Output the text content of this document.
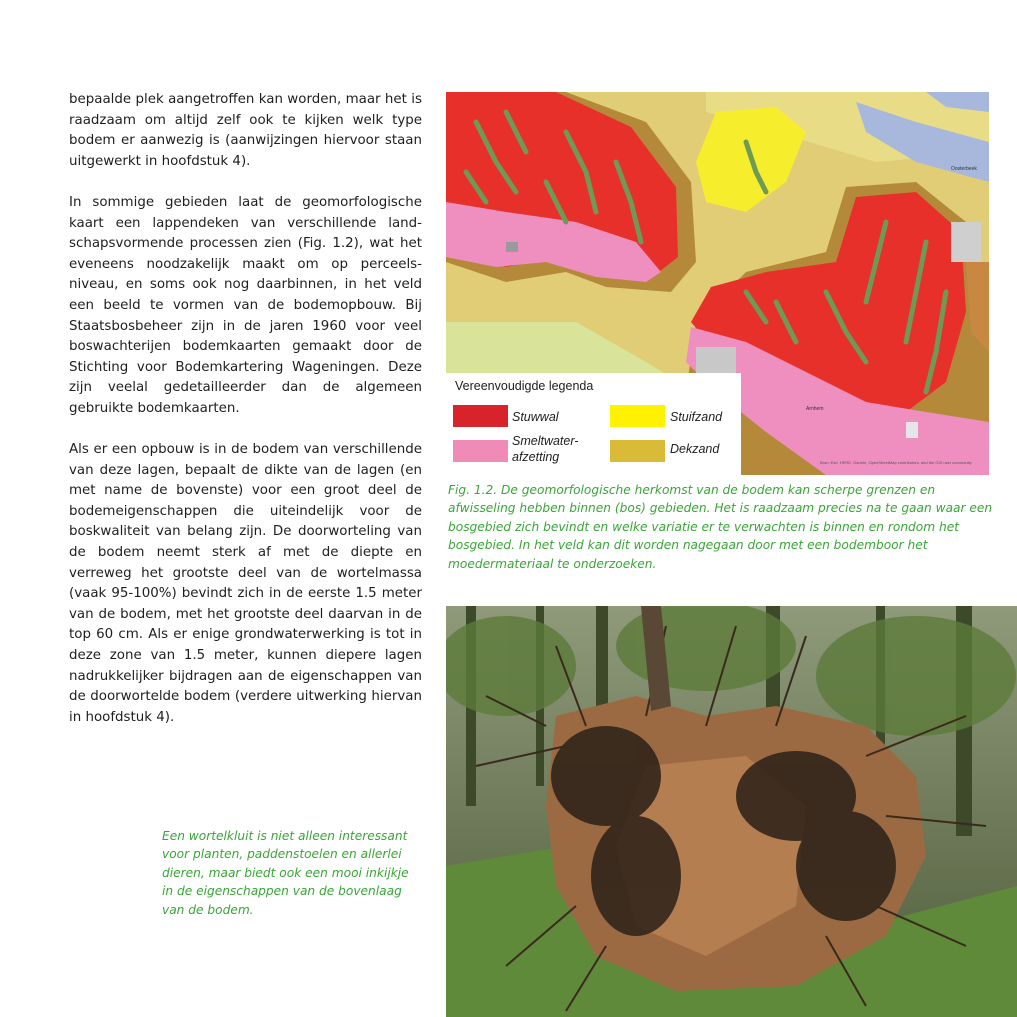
bepaalde plek aangetroffen kan worden, maar het is raadzaam om altijd zelf ook te kijken welk type bodem er aanwezig is (aanwijzingen hiervoor staan uitgewerkt in hoofdstuk 4).

In sommige gebieden laat de geomorfologische kaart een lappendeken van verschillende landschapsvormende processen zien (Fig. 1.2), wat het eveneens noodzakelijk maakt om op perceelsniveau, en soms ook nog daarbinnen, in het veld een beeld te vormen van de bodemopbouw. Bij Staatsbosbeheer zijn in de jaren 1960 voor veel boswachterijen bodemkaarten gemaakt door de Stichting voor Bodemkartering Wageningen. Deze zijn veelal gedetailleerder dan de algemeen gebruikte bodemkaarten.

Als er een opbouw is in de bodem van verschillende van deze lagen, bepaalt de dikte van de lagen (en met name de bovenste) voor een groot deel de bodemeigenschappen die uiteindelijk voor de boskwaliteit van belang zijn. De doorworteling van de bodem neemt sterk af met de diepte en verreweg het grootste deel van de wortelmassa (vaak 95-100%) bevindt zich in de eerste 1.5 meter van de bodem, met het grootste deel daarvan in de top 60 cm. Als er enige grondwaterwerking is tot in deze zone van 1.5 meter, kunnen diepere lagen nadrukkelijker bijdragen aan de eigenschappen van de doorwortelde bodem (verdere uitwerking hiervan in hoofdstuk 4).

Arnhem
Oosterbeek
Vereenvoudigde legenda
Stuwwal
Smeltwater-
afzetting
Stuifzand
Dekzand
Bron: Esri, HERE, Garmin, OpenStreetMap contributors, and the GIS user community
Fig. 1.2. De geomorfologische herkomst van de bodem kan scherpe grenzen en afwisseling hebben binnen (bos) gebieden. Het is raadzaam precies na te gaan waar een bosgebied zich bevindt en welke variatie er te verwachten is binnen en rondom het bosgebied. In het veld kan dit worden nagegaan door met een bodemboor het moedermateriaal te onderzoeken.
Een wortelkluit is niet alleen interessant voor planten, paddenstoelen en allerlei dieren, maar biedt ook een mooi inkijkje in de eigenschappen van de bovenlaag van de bodem.
